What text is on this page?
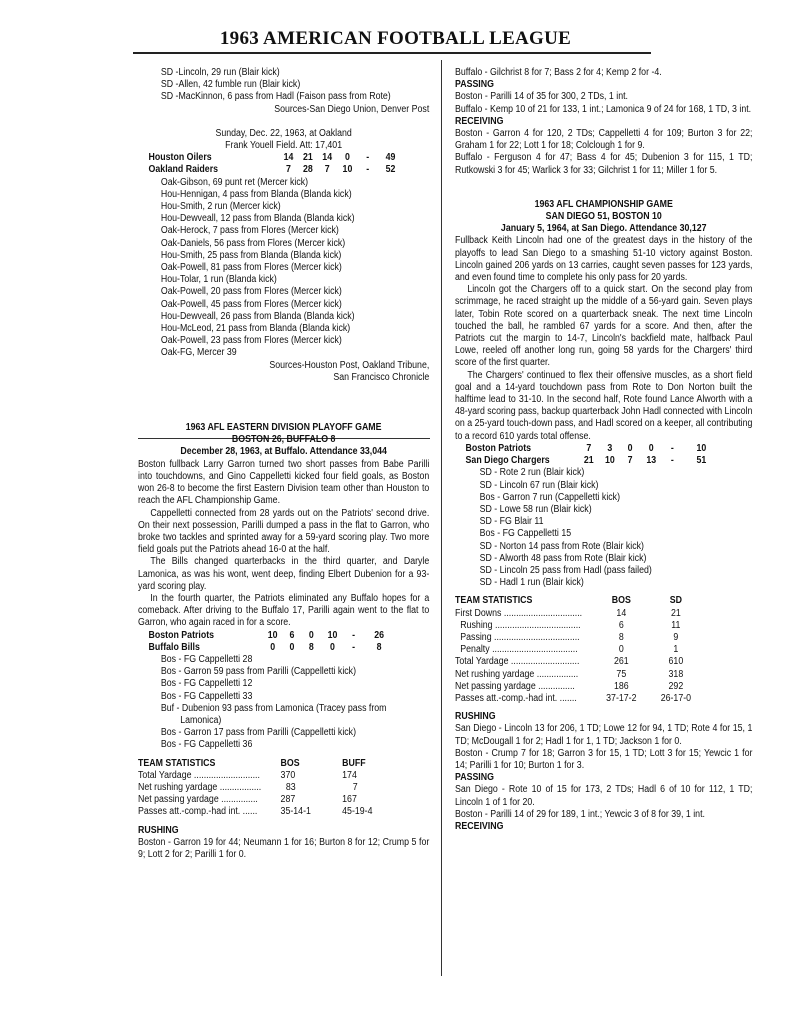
1963 AMERICAN FOOTBALL LEAGUE
SD -Lincoln, 29 run (Blair kick)
SD -Allen, 42 fumble run (Blair kick)
SD -MacKinnon, 6 pass from Hadl (Faison pass from Rote)
Sources-San Diego Union, Denver Post
Sunday, Dec. 22, 1963, at Oakland
Frank Youell Field. Att: 17,401
Houston Oilers	14	21	14	0	-	49
Oakland Raiders	7	28	7	10	-	52
Oak-Gibson, 69 punt ret (Mercer kick)
Hou-Hennigan, 4 pass from Blanda (Blanda kick)
Hou-Smith, 2 run (Mercer kick)
Hou-Dewveall, 12 pass from Blanda (Blanda kick)
Oak-Herock, 7 pass from Flores (Mercer kick)
Oak-Daniels, 56 pass from Flores (Mercer kick)
Hou-Smith, 25 pass from Blanda (Blanda kick)
Oak-Powell, 81 pass from Flores (Mercer kick)
Hou-Tolar, 1 run (Blanda kick)
Oak-Powell, 20 pass from Flores (Mercer kick)
Oak-Powell, 45 pass from Flores (Mercer kick)
Hou-Dewveall, 26 pass from Blanda (Blanda kick)
Hou-McLeod, 21 pass from Blanda (Blanda kick)
Oak-Powell, 23 pass from Flores (Mercer kick)
Oak-FG, Mercer 39
Sources-Houston Post, Oakland Tribune,
San Francisco Chronicle
1963 AFL EASTERN DIVISION PLAYOFF GAME
BOSTON 26, BUFFALO 8
December 28, 1963, at Buffalo. Attendance 33,044
Boston fullback Larry Garron turned two short passes from Babe Parilli into touchdowns, and Gino Cappelletti kicked four field goals, as Boston won 26-8 to become the first Eastern Division team other than Houston to reach the AFL Championship Game.
Cappelletti connected from 28 yards out on the Patriots' second drive. On their next possession, Parilli dumped a pass in the flat to Garron, who broke two tackles and sprinted away for a 59-yard scoring play. Two more field goals put the Patriots ahead 16-0 at the half.
The Bills changed quarterbacks in the third quarter, and Daryle Lamonica, as was his wont, went deep, finding Elbert Dubenion for a 93-yard scoring play.
In the fourth quarter, the Patriots eliminated any Buffalo hopes for a comeback. After driving to the Buffalo 17, Parilli again went to the flat to Garron, who again raced in for a score.
Boston Patriots	10	6	0	10	-	26
Buffalo Bills	0	0	8	0	-	8
Bos - FG Cappelletti 28
Bos - Garron 59 pass from Parilli (Cappelletti kick)
Bos - FG Cappelletti 12
Bos - FG Cappelletti 33
Buf - Dubenion 93 pass from Lamonica (Tracey pass from Lamonica)
Bos - Garron 17 pass from Parilli (Cappelletti kick)
Bos - FG Cappelletti 36
TEAM STATISTICS	BOS	BUFF
Total Yardage ...........................	370	174
Net rushing yardage .................	83	7
Net passing yardage ...............	287	167
Passes att.-comp.-had int. ......	35-14-1	45-19-4
RUSHING
Boston - Garron 19 for 44; Neumann 1 for 16; Burton 8 for 12; Crump 5 for 9; Lott 2 for 2; Parilli 1 for 0.
Buffalo - Gilchrist 8 for 7; Bass 2 for 4; Kemp 2 for -4.
PASSING
Boston - Parilli 14 of 35 for 300, 2 TDs, 1 int.
Buffalo - Kemp 10 of 21 for 133, 1 int.; Lamonica 9 of 24 for 168, 1 TD, 3 int.
RECEIVING
Boston - Garron 4 for 120, 2 TDs; Cappelletti 4 for 109; Burton 3 for 22; Graham 1 for 22; Lott 1 for 18; Colclough 1 for 9.
Buffalo - Ferguson 4 for 47; Bass 4 for 45; Dubenion 3 for 115, 1 TD; Rutkowski 3 for 45; Warlick 3 for 33; Gilchrist 1 for 11; Miller 1 for 5.
1963 AFL CHAMPIONSHIP GAME
SAN DIEGO 51, BOSTON 10
January 5, 1964, at San Diego. Attendance 30,127
Fullback Keith Lincoln had one of the greatest days in the history of the playoffs to lead San Diego to a smashing 51-10 victory against Boston. Lincoln gained 206 yards on 13 carries, caught seven passes for 123 yards, and even found time to complete his only pass for 20 yards.
Lincoln got the Chargers off to a quick start. On the second play from scrimmage, he raced straight up the middle of a 56-yard gain. Seven plays later, Tobin Rote scored on a quarterback sneak. The next time Lincoln touched the ball, he rambled 67 yards for a score. And then, after the Patriots cut the margin to 14-7, Lincoln's backfield mate, halfback Paul Lowe, reeled off another long run, going 58 yards for the Chargers' third score of the first quarter.
The Chargers' continued to flex their offensive muscles, as a short field goal and a 14-yard touchdown pass from Rote to Don Norton built the halftime lead to 31-10. In the second half, Rote found Lance Alworth with a 48-yard scoring pass, backup quarterback John Hadl connected with Lincoln on a 25-yard touch-down pass, and Hadl scored on a keeper, all contributing to a record 610 yards total offense.
Boston Patriots	7	3	0	0	-	10
San Diego Chargers	21	10	7	13	-	51
SD - Rote 2 run (Blair kick)
SD - Lincoln 67 run (Blair kick)
Bos - Garron 7 run (Cappelletti kick)
SD - Lowe 58 run (Blair kick)
SD - FG Blair 11
Bos - FG Cappelletti 15
SD - Norton 14 pass from Rote (Blair kick)
SD - Alworth 48 pass from Rote (Blair kick)
SD - Lincoln 25 pass from Hadl (pass failed)
SD - Hadl 1 run (Blair kick)
TEAM STATISTICS	BOS	SD
First Downs ................................	14	21
Rushing ...................................	6	11
Passing ...................................	8	9
Penalty ...................................	0	1
Total Yardage ............................	261	610
Net rushing yardage .................	75	318
Net passing yardage ...............	186	292
Passes att.-comp.-had int. .......	37-17-2	26-17-0
RUSHING
San Diego - Lincoln 13 for 206, 1 TD; Lowe 12 for 94, 1 TD; Rote 4 for 15, 1 TD; McDougall 1 for 2; Hadl 1 for 1, 1 TD; Jackson 1 for 0.
Boston - Crump 7 for 18; Garron 3 for 15, 1 TD; Lott 3 for 15; Yewcic 1 for 14; Parilli 1 for 10; Burton 1 for 3.
PASSING
San Diego - Rote 10 of 15 for 173, 2 TDs; Hadl 6 of 10 for 112, 1 TD; Lincoln 1 of 1 for 20.
Boston - Parilli 14 of 29 for 189, 1 int.; Yewcic 3 of 8 for 39, 1 int.
RECEIVING
